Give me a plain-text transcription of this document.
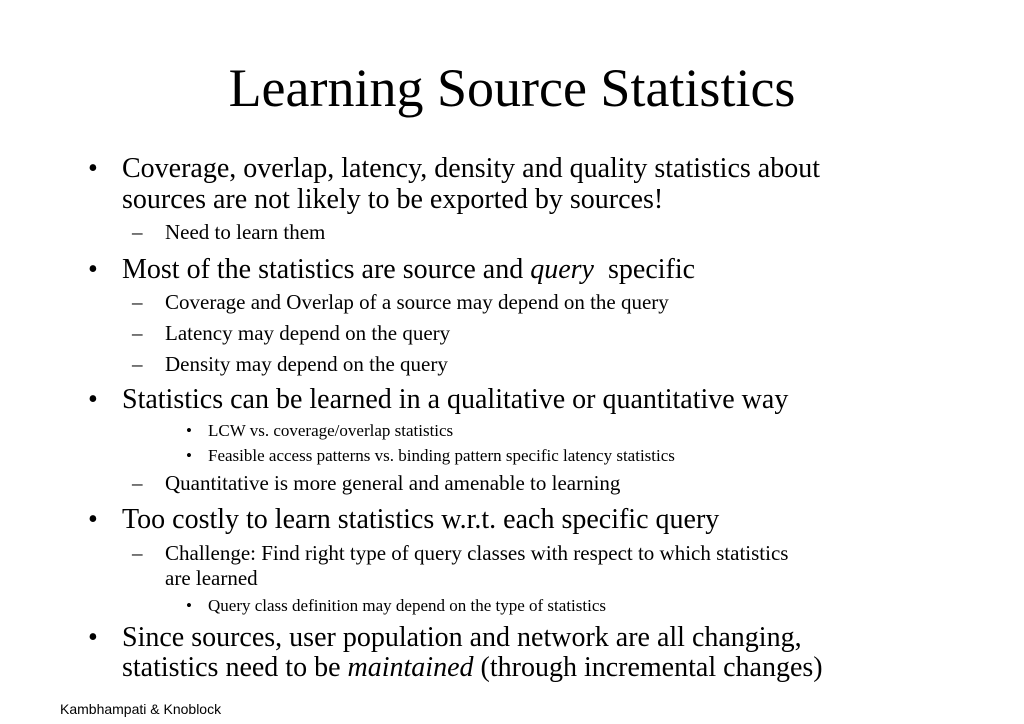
Learning Source Statistics
• Coverage, overlap, latency, density and quality statistics about
sources are not likely to be exported by sources!
– Need to learn them
• Most of the statistics are source and query  specific
– Coverage and Overlap of a source may depend on the query
– Latency may depend on the query
– Density may depend on the query
• Statistics can be learned in a qualitative or quantitative way
• LCW vs. coverage/overlap statistics
• Feasible access patterns vs. binding pattern specific latency statistics
– Quantitative is more general and amenable to learning
• Too costly to learn statistics w.r.t. each specific query
– Challenge: Find right type of query classes with respect to which statistics
are learned
• Query class definition may depend on the type of statistics
• Since sources, user population and network are all changing,
statistics need to be maintained (through incremental changes)
Kambhampati & Knoblock
